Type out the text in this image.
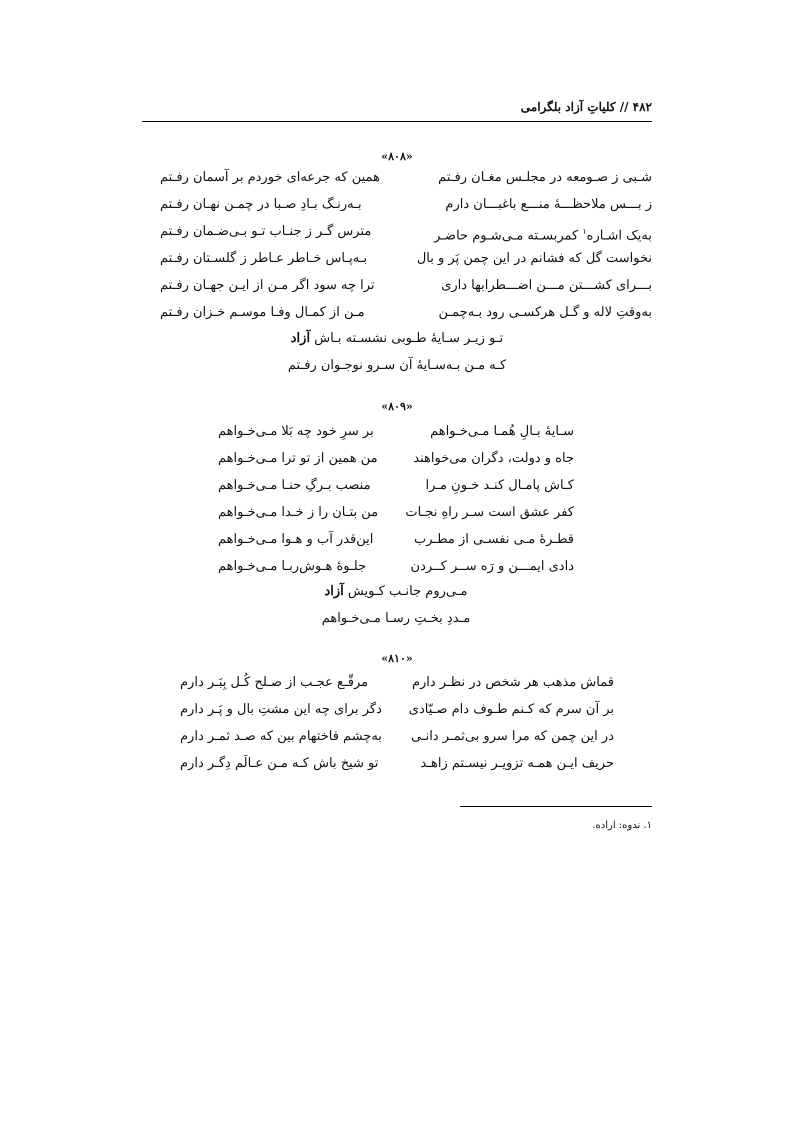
۴۸۲ // کلیاتِ آزاد بلگرامی
«۸۰۸»
شـبی ز صـومعه در مجلـس مغـان رفـتم
همین که جرعه‌ای خوردم بر آسمان رفـتم
ز بـــس ملاحظـــهٔ منـــع باغبـــان دارم
بـه‌رنـگ بـادِ صـبا در چمـن نهـان رفـتم
به‌یک اشـاره$^۱$ کمربسـته مـی‌شـوم حاضـر
مترس گـر ز جنـاب تـو بـی‌ضـمان رفـتم
نخواست گل که فشانم در این چمن پَر و بال
بـه‌پـاس خـاطر عـاطر ز گلسـتان رفـتم
بـــرای کشـــتن مـــن اضـــطرابها داری
ترا چه سود اگر مـن از ایـن جهـان رفـتم
به‌وقتِ لاله و گـل هرکسـی رود بـه‌چمـن
مـن از کمـال وفـا موسـم خـزان رفـتم
تـو زیـر سـایهٔ طـوبی نشسـته بـاش آزاد
کـه مـن بـه‌سـایهٔ آن سـرو نوجـوان رفـتم
«۸۰۹»
سـایهٔ بـالِ هُمـا مـی‌خـواهم
بر سرِ خود چه بَلا مـی‌خـواهم
جاه و دولت، دگران می‌خواهند
من همین از تو ترا مـی‌خـواهم
کـاش پامـال کنـد خـونِ مـرا
منصب بـرگِ حنـا مـی‌خـواهم
کفر عشق است سـر راهِ نجـات
من بتـان را ز خـدا مـی‌خـواهم
قطـرهٔ مـی نفسـی از مطـرب
این‌قدر آب و هـوا مـی‌خـواهم
دادی ایمـــن و رَه ســر کــردن
جلـوهٔ هـوش‌ربـا مـی‌خـواهم
مـی‌روم جانـب کـویش آزاد
مـددِ بخـتِ رسـا مـی‌خـواهم
«۸۱۰»
قماش مذهب هر شخص در نظـر دارم
مرقّـع عجـب از صـلح کُـل بِبَـر دارم
بر آن سرم که کـنم طـوف دام صـیّادی
دگر برای چه این مشتِ بال و پَـر دارم
در این چمن که مرا سرو بی‌ثمـر دانـی
به‌چشم فاختهام بین که صـد ثمـر دارم
حریف ایـن همـه تزویـر نیسـتم زاهـد
تو شیخ باش کـه مـن عـالَم دِگـر دارم
۱. ندوه: اراده.
